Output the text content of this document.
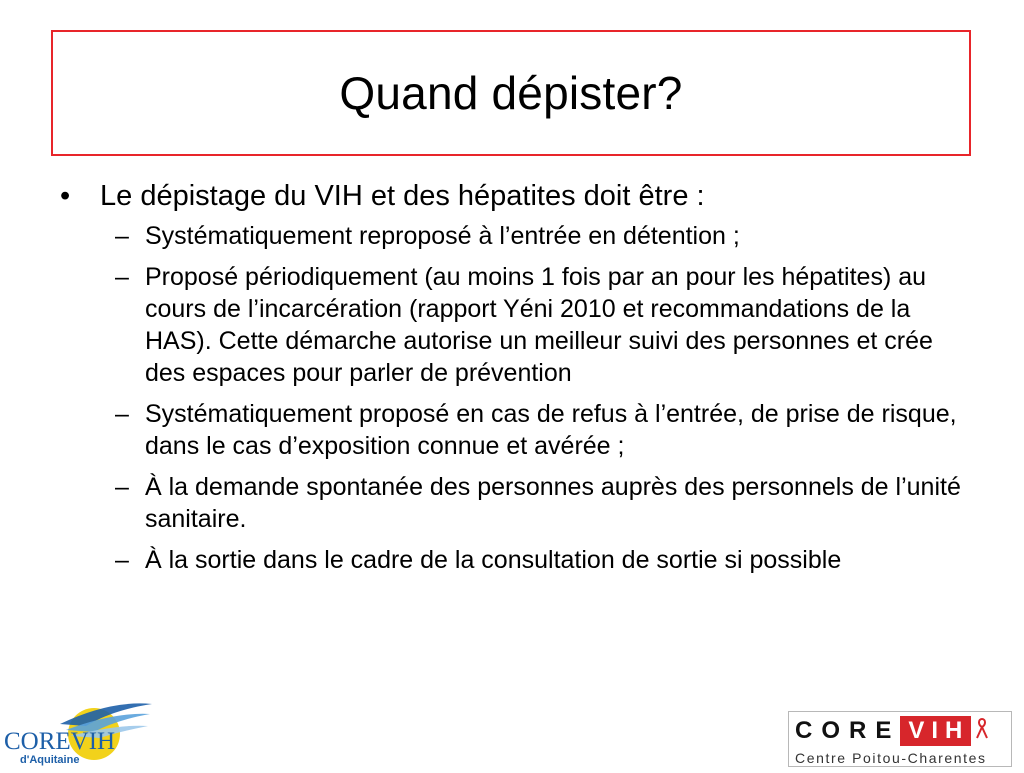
Quand dépister?
•	Le dépistage du VIH et des hépatites doit être :
– Systématiquement reproposé à l’entrée en détention ;
– Proposé périodiquement (au moins 1 fois par an pour les hépatites) au cours de l’incarcération (rapport Yéni 2010 et recommandations de la HAS). Cette démarche autorise un meilleur suivi des personnes et crée des espaces pour parler de prévention
– Systématiquement proposé en cas de refus à l’entrée, de prise de risque, dans le cas d’exposition connue et avérée ;
– À la demande spontanée des personnes auprès des personnels de l’unité sanitaire.
– À la sortie dans le cadre de la consultation de sortie si possible
COREVIH
d'Aquitaine
CORE VIH
Centre Poitou-Charentes
